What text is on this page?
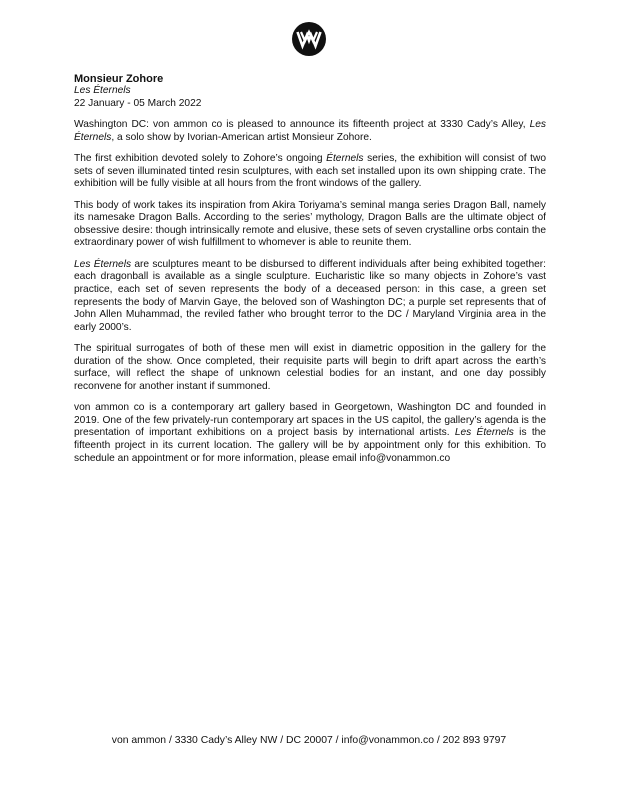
Monsieur Zohore
Les Éternels
22 January - 05 March 2022

Washington DC: von ammon co is pleased to announce its fifteenth project at 3330 Cady’s Alley, Les Éternels, a solo show by Ivorian-American artist Monsieur Zohore.

The first exhibition devoted solely to Zohore’s ongoing Éternels series, the exhibition will consist of two sets of seven illuminated tinted resin sculptures, with each set installed upon its own shipping crate. The exhibition will be fully visible at all hours from the front windows of the gallery.

This body of work takes its inspiration from Akira Toriyama’s seminal manga series Dragon Ball, namely its namesake Dragon Balls. According to the series’ mythology, Dragon Balls are the ultimate object of obsessive desire: though intrinsically remote and elusive, these sets of seven crystalline orbs contain the extraordinary power of wish fulfillment to whomever is able to reunite them.

Les Éternels are sculptures meant to be disbursed to different individuals after being exhibited together: each dragonball is available as a single sculpture. Eucharistic like so many objects in Zohore’s vast practice, each set of seven represents the body of a deceased person: in this case, a green set represents the body of Marvin Gaye, the beloved son of Washington DC; a purple set represents that of John Allen Muhammad, the reviled father who brought terror to the DC / Maryland Virginia area in the early 2000’s.

The spiritual surrogates of both of these men will exist in diametric opposition in the gallery for the duration of the show. Once completed, their requisite parts will begin to drift apart across the earth’s surface, will reflect the shape of unknown celestial bodies for an instant, and one day possibly reconvene for another instant if summoned.

von ammon co is a contemporary art gallery based in Georgetown, Washington DC and founded in 2019. One of the few privately-run contemporary art spaces in the US capitol, the gallery’s agenda is the presentation of important exhibitions on a project basis by international artists. Les Éternels is the fifteenth project in its current location. The gallery will be by appointment only for this exhibition. To schedule an appointment or for more information, please email info@vonammon.co

von ammon / 3330 Cady’s Alley NW / DC 20007 / info@vonammon.co / 202 893 9797
